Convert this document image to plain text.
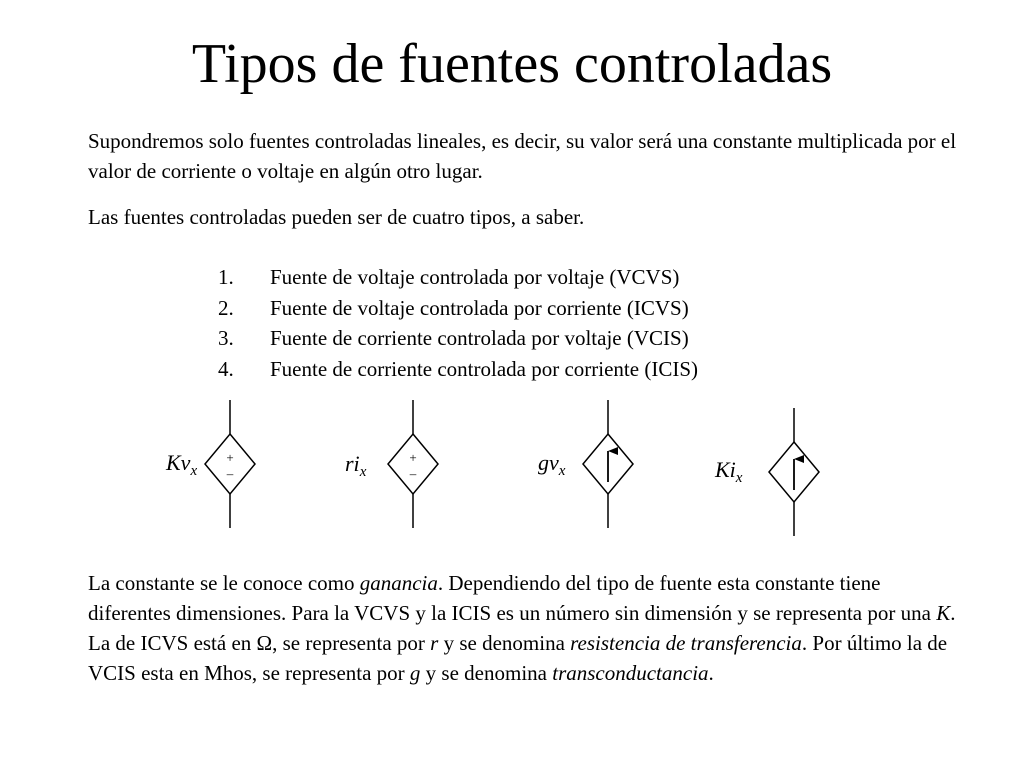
Tipos de fuentes controladas

Supondremos solo fuentes controladas lineales, es decir, su valor será una constante multiplicada por el valor de corriente o voltaje en algún otro lugar.

Las fuentes controladas pueden ser de cuatro tipos, a saber.

1.	Fuente de voltaje controlada por voltaje (VCVS)
2.	Fuente de voltaje controlada por corriente (ICVS)
3.	Fuente de corriente controlada por voltaje (VCIS)
4.	Fuente de corriente controlada por corriente (ICIS)
+
–
+
–
$Kv_x$	$ri_x$	$gv_x$	$Ki_x$

La constante se le conoce como ganancia. Dependiendo del tipo de fuente esta constante tiene diferentes dimensiones. Para la VCVS y la ICIS es un número sin dimensión y se representa por una K. La de ICVS está en Ω, se representa por r y se denomina resistencia de transferencia. Por último la de VCIS esta en Mhos, se representa por g y se denomina transconductancia.
